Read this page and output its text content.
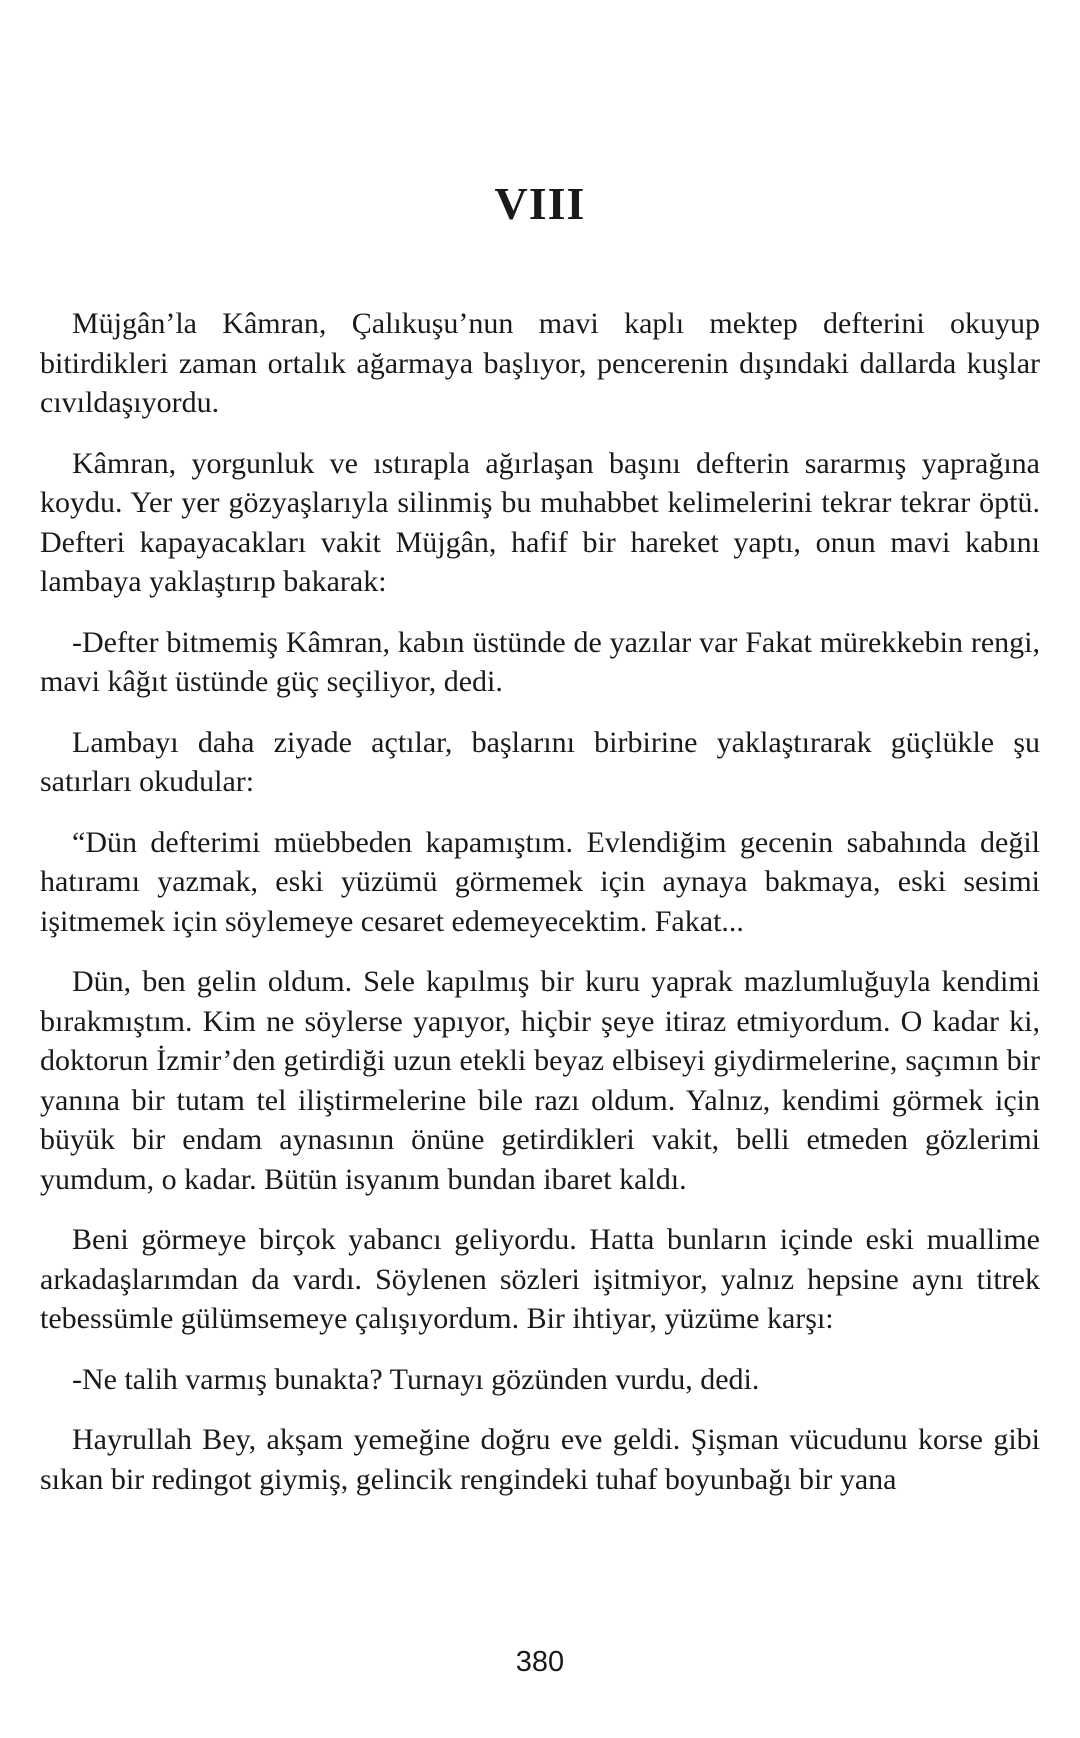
VIII

Müjgân’la Kâmran, Çalıkuşu’nun mavi kaplı mektep defterini okuyup bitirdikleri zaman ortalık ağarmaya başlıyor, pencerenin dışındaki dallarda kuşlar cıvıldaşıyordu.

Kâmran, yorgunluk ve ıstırapla ağırlaşan başını defterin sararmış yaprağına koydu. Yer yer gözyaşlarıyla silinmiş bu muhabbet kelimelerini tekrar tekrar öptü. Defteri kapayacakları vakit Müjgân, hafif bir hareket yaptı, onun mavi kabını lambaya yaklaştırıp bakarak:

-Defter bitmemiş Kâmran, kabın üstünde de yazılar var Fakat mürekkebin rengi, mavi kâğıt üstünde güç seçiliyor, dedi.

Lambayı daha ziyade açtılar, başlarını birbirine yaklaştırarak güçlükle şu satırları okudular:

“Dün defterimi müebbeden kapamıştım. Evlendiğim gecenin sabahında değil hatıramı yazmak, eski yüzümü görmemek için aynaya bakmaya, eski sesimi işitmemek için söylemeye cesaret edemeyecektim. Fakat...

Dün, ben gelin oldum. Sele kapılmış bir kuru yaprak mazlumluğuyla kendimi bırakmıştım. Kim ne söylerse yapıyor, hiçbir şeye itiraz etmiyordum. O kadar ki, doktorun İzmir’den getirdiği uzun etekli beyaz elbiseyi giydirmelerine, saçımın bir yanına bir tutam tel iliştirmelerine bile razı oldum. Yalnız, kendimi görmek için büyük bir endam aynasının önüne getirdikleri vakit, belli etmeden gözlerimi yumdum, o kadar. Bütün isyanım bundan ibaret kaldı.

Beni görmeye birçok yabancı geliyordu. Hatta bunların içinde eski muallime arkadaşlarımdan da vardı. Söylenen sözleri işitmiyor, yalnız hepsine aynı titrek tebessümle gülümsemeye çalışıyordum. Bir ihtiyar, yüzüme karşı:

-Ne talih varmış bunakta? Turnayı gözünden vurdu, dedi.

Hayrullah Bey, akşam yemeğine doğru eve geldi. Şişman vücudunu korse gibi sıkan bir redingot giymiş, gelincik rengindeki tuhaf boyunbağı bir yana

380
